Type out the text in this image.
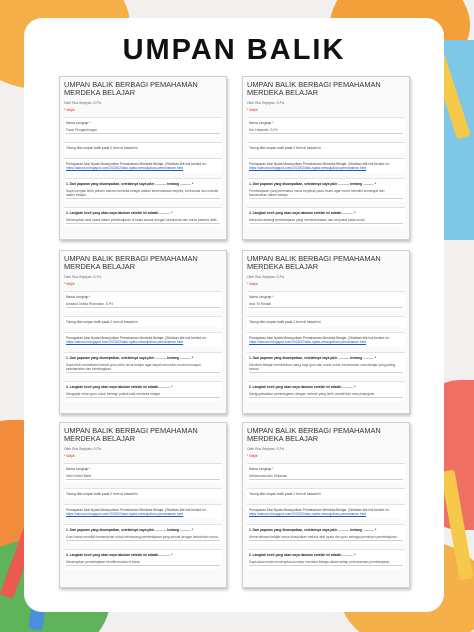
UMPAN BALIK
UMPAN BALIK BERBAGI PEMAHAMAN MERDEKA BELAJAR
Oleh Rus Septyan, S.Pd.
* Wajib
Nama Lengkap *
Fauzi Pengambingan
Tolong diisi umpan balik pada 2 form di bawah ini
Pemaparan Aksi Nyata Mewujudkan Pemahaman Merdeka Belajar. (Silahkan klik link berikut ini : https://akrusroi.blogspot.com/2023/02/aksi-nyata-mewujudkan-pemahaman.html
1. Dari paparan yang disampaikan, setelahnya saya pikir ............ tentang ............ *
Saya menjadi lebih paham bahwa merdeka belajar adalah kemerdekaan berpikir, berinovasi dan mandiri dalam belajar.
2. Langkah kecil yang akan saya lakukan setelah ini adalah ............ *
Menerapkan aksi nyata dalam pembelajaran di kelas sesuai dengan kebutuhan dan minat peserta didik.
UMPAN BALIK BERBAGI PEMAHAMAN MERDEKA BELAJAR
Oleh Rus Septyan, S.Pd.
* Wajib
Nama Lengkap *
Nur Hasanah, S.Pd
Tolong diisi umpan balik pada 2 form di bawah ini
Pemaparan Aksi Nyata Mewujudkan Pemahaman Merdeka Belajar. (Silahkan klik link berikut ini : https://akrusroi.blogspot.com/2023/02/aksi-nyata-mewujudkan-pemahaman.html
1. Dari paparan yang disampaikan, setelahnya saya pikir ............ tentang ............ *
Pembelajaran yang bermakna harus berpihak pada murid agar murid memiliki semangat dan kemandirian dalam belajar.
2. Langkah kecil yang akan saya lakukan setelah ini adalah ............ *
Mencoba strategi pembelajaran yang memerdekakan dan berpusat pada murid.
UMPAN BALIK BERBAGI PEMAHAMAN MERDEKA BELAJAR
Oleh Rus Septyan, S.Pd.
* Wajib
Nama Lengkap *
Anisatul Dahlia Rhamdani, S.Pd
Tolong diisi umpan balik pada 2 form di bawah ini
Pemaparan Aksi Nyata Mewujudkan Pemahaman Merdeka Belajar. (Silahkan klik link berikut ini : https://akrusroi.blogspot.com/2023/02/aksi-nyata-mewujudkan-pemahaman.html
1. Dari paparan yang disampaikan, setelahnya saya pikir ............ tentang ............ *
Saya lebih memahami bahwa guru perlu terus belajar agar dapat menuntun murid mencapai keselamatan dan kebahagiaan.
2. Langkah kecil yang akan saya lakukan setelah ini adalah ............ *
Mengajak rekan guru untuk berbagi praktik baik merdeka belajar.
UMPAN BALIK BERBAGI PEMAHAMAN MERDEKA BELAJAR
Oleh Rus Septyan, S.Pd.
* Wajib
Nama Lengkap *
Isna Tri Rosadi
Tolong diisi umpan balik pada 2 form di bawah ini
Pemaparan Aksi Nyata Mewujudkan Pemahaman Merdeka Belajar. (Silahkan klik link berikut ini : https://akrusroi.blogspot.com/2023/02/aksi-nyata-mewujudkan-pemahaman.html
1. Dari paparan yang disampaikan, setelahnya saya pikir ............ tentang ............ *
Merdeka belajar memberikan ruang bagi guru dan murid untuk menentukan cara belajar yang paling sesuai.
2. Langkah kecil yang akan saya lakukan setelah ini adalah ............ *
Mengoptimalkan pembelajaran dengan metode yang lebih variatif dan menyenangkan.
UMPAN BALIK BERBAGI PEMAHAMAN MERDEKA BELAJAR
Oleh Rus Septyan, S.Pd.
* Wajib
Nama Lengkap *
Irfan Khoiril Bahri
Tolong diisi umpan balik pada 2 form di bawah ini
Pemaparan Aksi Nyata Mewujudkan Pemahaman Merdeka Belajar. (Silahkan klik link berikut ini : https://akrusroi.blogspot.com/2023/02/aksi-nyata-mewujudkan-pemahaman.html
1. Dari paparan yang disampaikan, setelahnya saya pikir ............ tentang ............ *
Guru harus memiliki kemampuan untuk merancang pembelajaran yang sesuai dengan kebutuhan murid.
2. Langkah kecil yang akan saya lakukan setelah ini adalah ............ *
Menerapkan pembelajaran berdiferensiasi di kelas.
UMPAN BALIK BERBAGI PEMAHAMAN MERDEKA BELAJAR
Oleh Rus Septyan, S.Pd.
* Wajib
Nama Lengkap *
Muhammad Aris Setiawan
Tolong diisi umpan balik pada 2 form di bawah ini
Pemaparan Aksi Nyata Mewujudkan Pemahaman Merdeka Belajar. (Silahkan klik link berikut ini : https://akrusroi.blogspot.com/2023/02/aksi-nyata-mewujudkan-pemahaman.html
1. Dari paparan yang disampaikan, setelahnya saya pikir ............ tentang ............ *
Kemerdekaan belajar harus diwujudkan melalui aksi nyata dari guru sebagai pemimpin pembelajaran.
2. Langkah kecil yang akan saya lakukan setelah ini adalah ............ *
Saya akan mulai menerapkan konsep merdeka belajar dalam setiap perencanaan pembelajaran.
